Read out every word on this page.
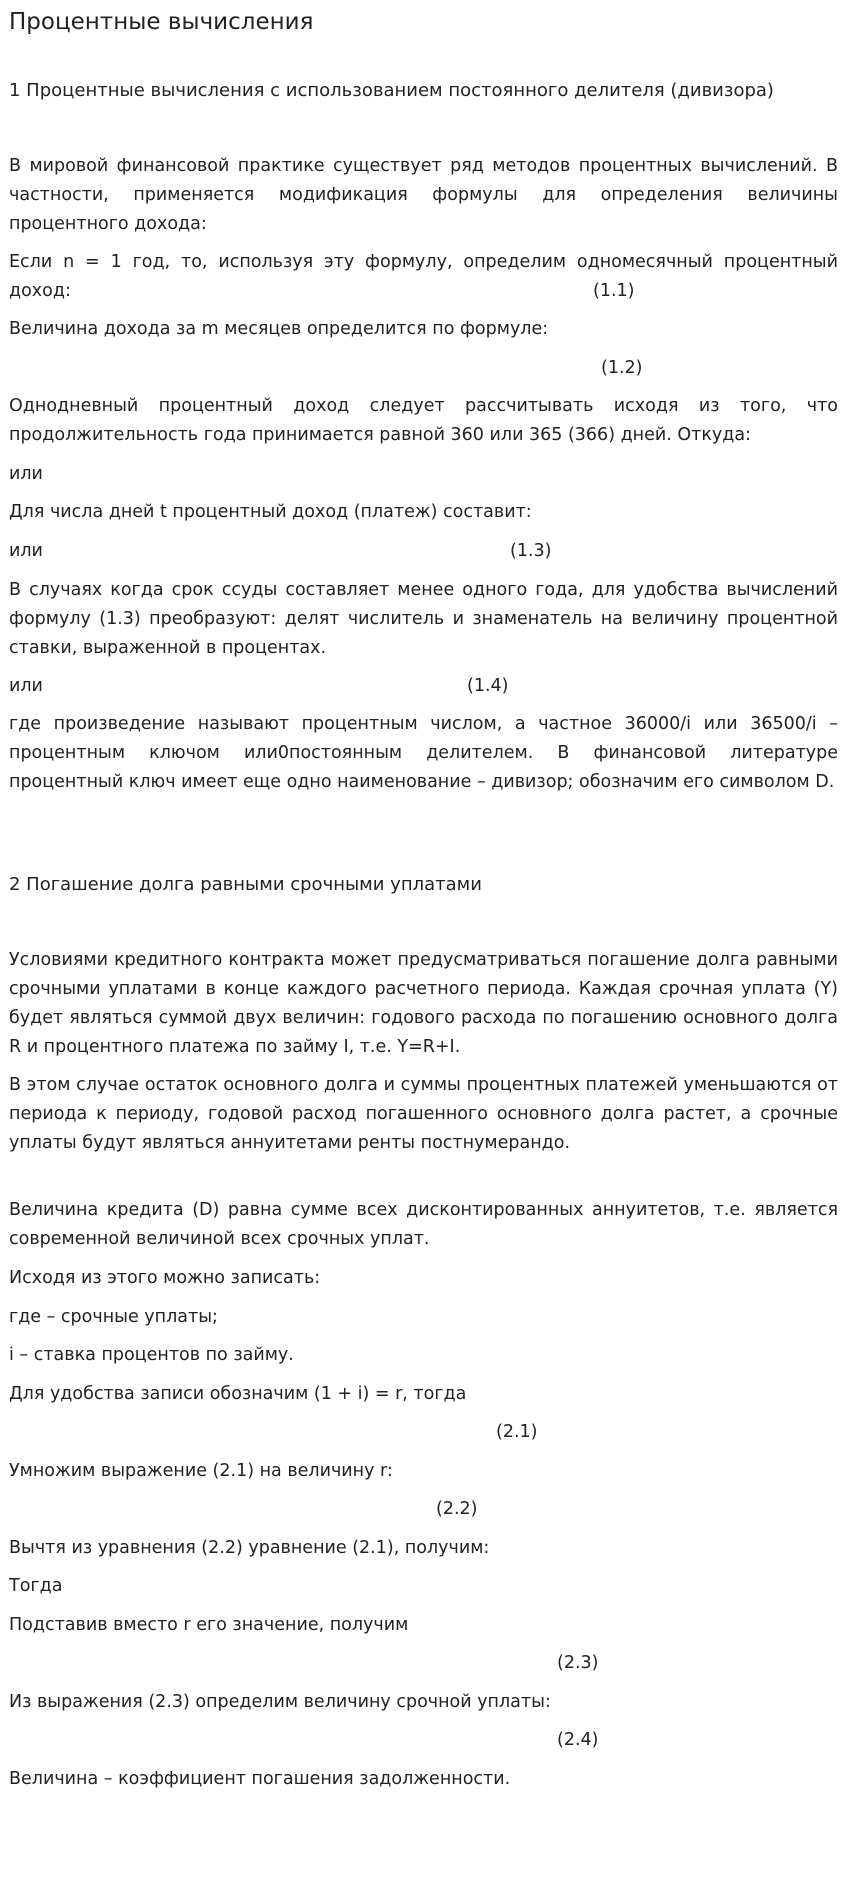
Процентные вычисления
1 Процентные вычисления с использованием постоянного делителя (дивизора)

В мировой финансовой практике существует ряд методов процентных вычислений. В частности, применяется модификация формулы для определения величины процентного дохода:

Если n = 1 год, то, используя эту формулу, определим одномесячный процентный доход:	(1.1)

Величина дохода за m месяцев определится по формуле:

(1.2)

Однодневный процентный доход следует рассчитывать исходя из того, что продолжительность года принимается равной 360 или 365 (366) дней. Откуда:

или

Для числа дней t процентный доход (платеж) составит:

или	(1.3)

В случаях когда срок ссуды составляет менее одного года, для удобства вычислений формулу (1.3) преобразуют: делят числитель и знаменатель на величину процентной ставки, выраженной в процентах.

или	(1.4)

где произведение называют процентным числом, а частное 36000/i или 36500/i – процентным ключом или0постоянным делителем. В финансовой литературе процентный ключ имеет еще одно наименование – дивизор; обозначим его символом D.

2 Погашение долга равными срочными уплатами

Условиями кредитного контракта может предусматриваться погашение долга равными срочными уплатами в конце каждого расчетного периода. Каждая срочная уплата (Y) будет являться суммой двух величин: годового расхода по погашению основного долга R и процентного платежа по займу I, т.е. Y=R+I.

В этом случае остаток основного долга и суммы процентных платежей уменьшаются от периода к периоду, годовой расход погашенного основного долга растет, а срочные уплаты будут являться аннуитетами ренты постнумерандо.

Величина кредита (D) равна сумме всех дисконтированных аннуитетов, т.е. является современной величиной всех срочных уплат.

Исходя из этого можно записать:

где – срочные уплаты;

i – ставка процентов по займу.

Для удобства записи обозначим (1 + i) = r, тогда

(2.1)

Умножим выражение (2.1) на величину r:

(2.2)

Вычтя из уравнения (2.2) уравнение (2.1), получим:

Тогда

Подставив вместо r его значение, получим

(2.3)

Из выражения (2.3) определим величину срочной уплаты:

(2.4)

Величина – коэффициент погашения задолженности.
